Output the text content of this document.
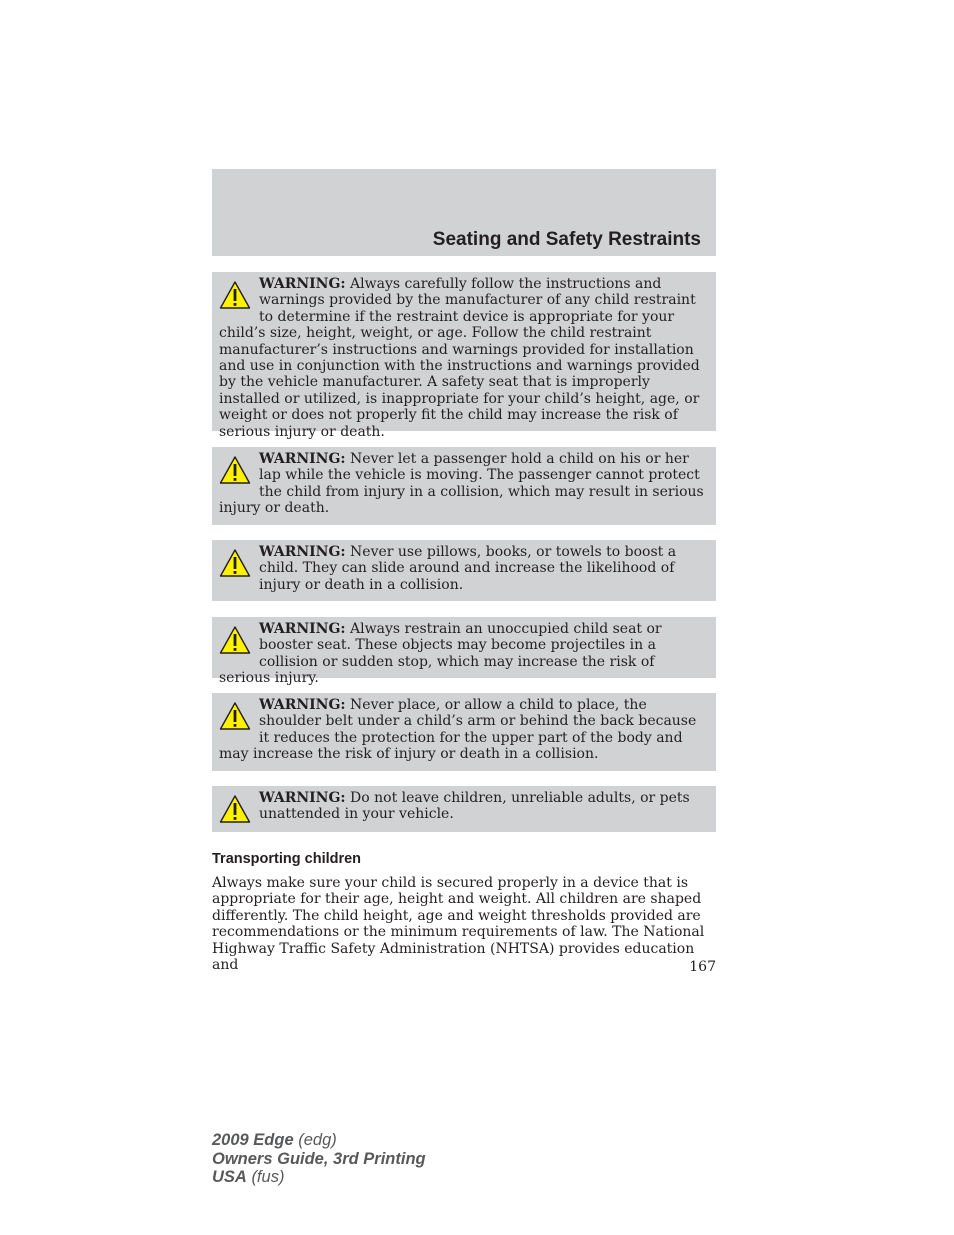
Seating and Safety Restraints

WARNING: Always carefully follow the instructions and warnings provided by the manufacturer of any child restraint to determine if the restraint device is appropriate for your child’s size, height, weight, or age. Follow the child restraint manufacturer’s instructions and warnings provided for installation and use in conjunction with the instructions and warnings provided by the vehicle manufacturer. A safety seat that is improperly installed or utilized, is inappropriate for your child’s height, age, or weight or does not properly fit the child may increase the risk of serious injury or death.

WARNING: Never let a passenger hold a child on his or her lap while the vehicle is moving. The passenger cannot protect the child from injury in a collision, which may result in serious injury or death.

WARNING: Never use pillows, books, or towels to boost a child. They can slide around and increase the likelihood of injury or death in a collision.

WARNING: Always restrain an unoccupied child seat or booster seat. These objects may become projectiles in a collision or sudden stop, which may increase the risk of serious injury.

WARNING: Never place, or allow a child to place, the shoulder belt under a child’s arm or behind the back because it reduces the protection for the upper part of the body and may increase the risk of injury or death in a collision.

WARNING: Do not leave children, unreliable adults, or pets unattended in your vehicle.

Transporting children

Always make sure your child is secured properly in a device that is appropriate for their age, height and weight. All children are shaped differently. The child height, age and weight thresholds provided are recommendations or the minimum requirements of law. The National Highway Traffic Safety Administration (NHTSA) provides education and	167
2009 Edge (edg)
Owners Guide, 3rd Printing
USA (fus)
